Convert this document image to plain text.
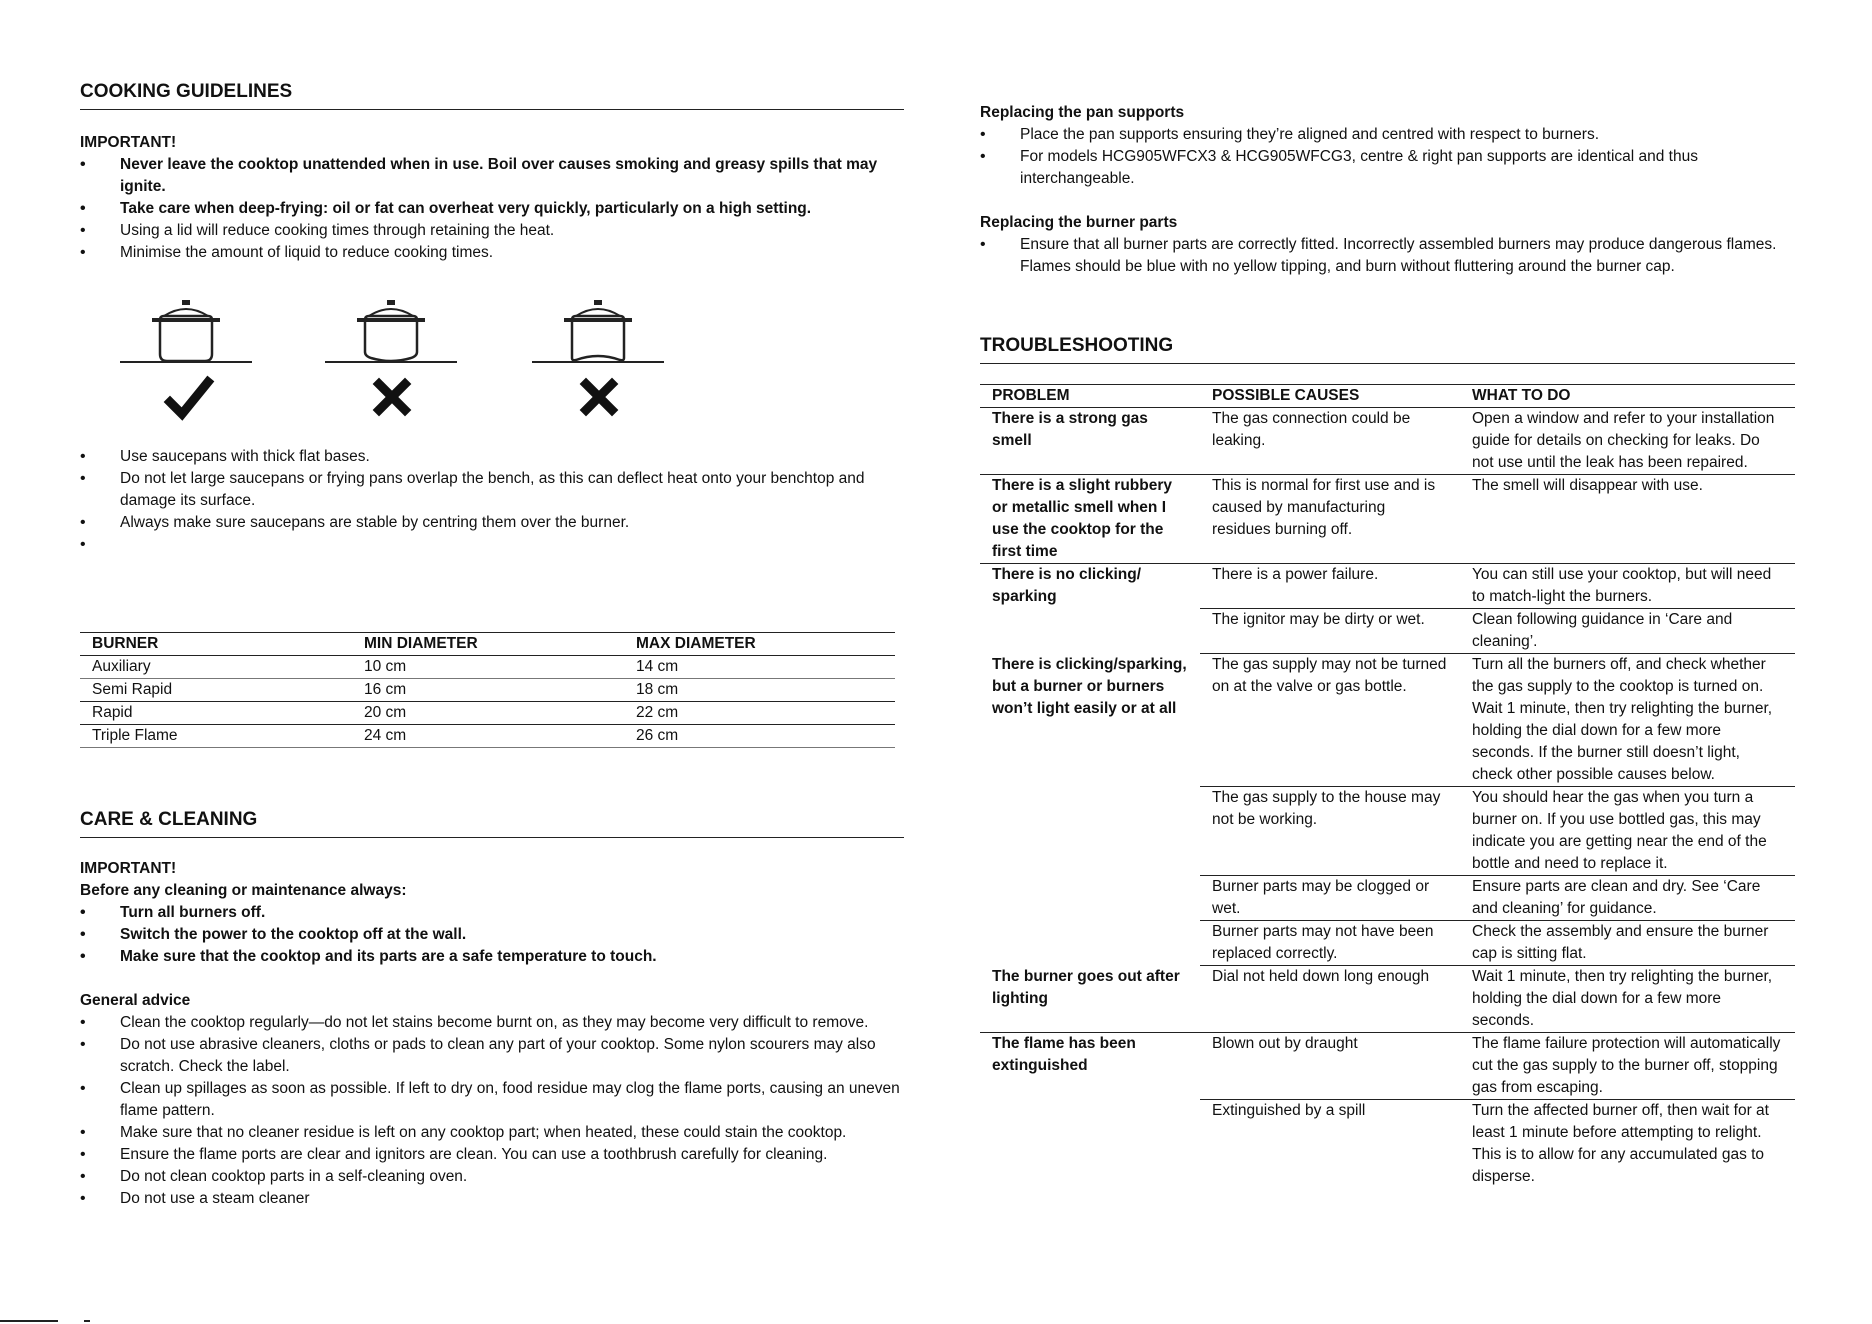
COOKING GUIDELINES
IMPORTANT!
• Never leave the cooktop unattended when in use. Boil over causes smoking and greasy spills that may ignite.
• Take care when deep-frying: oil or fat can overheat very quickly, particularly on a high setting.
• Using a lid will reduce cooking times through retaining the heat.
• Minimise the amount of liquid to reduce cooking times.
• Use saucepans with thick flat bases.
• Do not let large saucepans or frying pans overlap the bench, as this can deflect heat onto your benchtop and damage its surface.
• Always make sure saucepans are stable by centring them over the burner.
•
BURNER	MIN DIAMETER	MAX DIAMETER
Auxiliary	10 cm	14 cm
Semi Rapid	16 cm	18 cm
Rapid	20 cm	22 cm
Triple Flame	24 cm	26 cm
CARE & CLEANING
IMPORTANT!
Before any cleaning or maintenance always:
• Turn all burners off.
• Switch the power to the cooktop off at the wall.
• Make sure that the cooktop and its parts are a safe temperature to touch.
General advice
• Clean the cooktop regularly—do not let stains become burnt on, as they may become very difficult to remove.
• Do not use abrasive cleaners, cloths or pads to clean any part of your cooktop. Some nylon scourers may also scratch. Check the label.
• Clean up spillages as soon as possible. If left to dry on, food residue may clog the flame ports, causing an uneven flame pattern.
• Make sure that no cleaner residue is left on any cooktop part; when heated, these could stain the cooktop.
• Ensure the flame ports are clear and ignitors are clean. You can use a toothbrush carefully for cleaning.
• Do not clean cooktop parts in a self-cleaning oven.
• Do not use a steam cleaner
Replacing the pan supports
• Place the pan supports ensuring they’re aligned and centred with respect to burners.
• For models HCG905WFCX3 & HCG905WFCG3, centre & right pan supports are identical and thus interchangeable.
Replacing the burner parts
• Ensure that all burner parts are correctly fitted. Incorrectly assembled burners may produce dangerous flames. Flames should be blue with no yellow tipping, and burn without fluttering around the burner cap.
TROUBLESHOOTING
PROBLEM	POSSIBLE CAUSES	WHAT TO DO
There is a strong gas smell	The gas connection could be leaking.	Open a window and refer to your installation guide for details on checking for leaks. Do not use until the leak has been repaired.
There is a slight rubbery or metallic smell when I use the cooktop for the first time	This is normal for first use and is caused by manufacturing residues burning off.	The smell will disappear with use.
There is no clicking/ sparking	There is a power failure.	You can still use your cooktop, but will need to match-light the burners.
	The ignitor may be dirty or wet.	Clean following guidance in ‘Care and cleaning’.
There is clicking/sparking, but a burner or burners won’t light easily or at all	The gas supply may not be turned on at the valve or gas bottle.	Turn all the burners off, and check whether the gas supply to the cooktop is turned on. Wait 1 minute, then try relighting the burner, holding the dial down for a few more seconds. If the burner still doesn’t light, check other possible causes below.
	The gas supply to the house may not be working.	You should hear the gas when you turn a burner on. If you use bottled gas, this may indicate you are getting near the end of the bottle and need to replace it.
	Burner parts may be clogged or wet.	Ensure parts are clean and dry. See ‘Care and cleaning’ for guidance.
	Burner parts may not have been replaced correctly.	Check the assembly and ensure the burner cap is sitting flat.
The burner goes out after lighting	Dial not held down long enough	Wait 1 minute, then try relighting the burner, holding the dial down for a few more seconds.
The flame has been extinguished	Blown out by draught	The flame failure protection will automatically cut the gas supply to the burner off, stopping gas from escaping.
	Extinguished by a spill	Turn the affected burner off, then wait for at least 1 minute before attempting to relight. This is to allow for any accumulated gas to disperse.
